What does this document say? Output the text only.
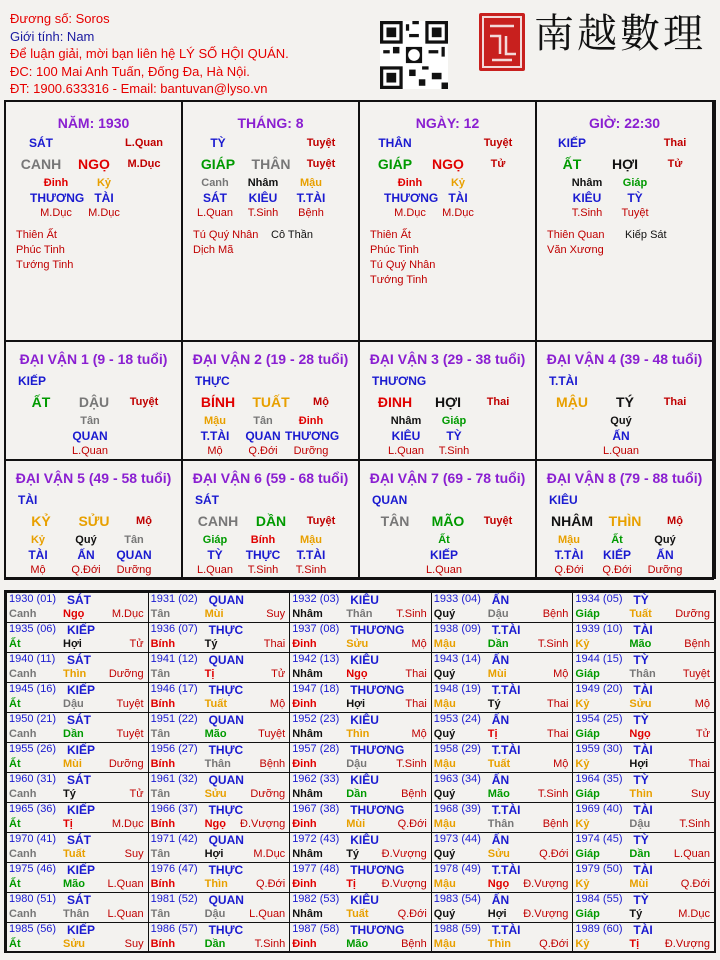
Đương số: Soros
Giới tính: Nam
Để luận giải, mời bạn liên hệ LÝ SỐ HỘI QUÁN.
ĐC: 100 Mai Anh Tuấn, Đống Đa, Hà Nội.
ĐT: 1900.633316 - Email: bantuvan@lyso.vn
南越數理
NĂM: 1930
SÁT	L.Quan
CANH	NGỌ	M.Dục
Đinh
THƯƠNG
M.Dục
Kỷ
TÀI
M.Dục
Thiên Ất
Phúc Tinh
Tướng Tinh
THÁNG: 8
TỲ	Tuyệt
GIÁP	THÂN	Tuyệt
Canh
SÁT
L.Quan
Nhâm
KIÊU
T.Sinh
Mậu
T.TÀI
Bệnh
Tú Quý Nhân
Dịch Mã
Cô Thần
NGÀY: 12
THÂN	Tuyệt
GIÁP	NGỌ	Tử
Đinh
THƯƠNG
M.Dục
Kỷ
TÀI
M.Dục
Thiên Ất
Phúc Tinh
Tú Quý Nhân
Tướng Tinh
GIỜ: 22:30
KIẾP	Thai
ẤT	HỢI	Tử
Nhâm
KIÊU
T.Sinh
Giáp
TỲ
Tuyệt
Thiên Quan
Văn Xương
Kiếp Sát
ĐẠI VẬN 1 (9 - 18 tuổi)
KIẾP
ẤT	DẬU	Tuyệt
Tân
QUAN
L.Quan
ĐẠI VẬN 2 (19 - 28 tuổi)
THỰC
BÍNH	TUẤT	Mộ
Mậu
T.TÀI
Mộ
Tân
QUAN
Q.Đới
Đinh
THƯƠNG
Dưỡng
ĐẠI VẬN 3 (29 - 38 tuổi)
THƯƠNG
ĐINH	HỢI	Thai
Nhâm
KIÊU
L.Quan
Giáp
TỲ
T.Sinh
ĐẠI VẬN 4 (39 - 48 tuổi)
T.TÀI
MẬU	TÝ	Thai
Quý
ẤN
L.Quan
ĐẠI VẬN 5 (49 - 58 tuổi)
TÀI
KỶ	SỬU	Mộ
Kỷ
TÀI
Mộ
Quý
ẤN
Q.Đới
Tân
QUAN
Dưỡng
ĐẠI VẬN 6 (59 - 68 tuổi)
SÁT
CANH	DẦN	Tuyệt
Giáp
TỲ
L.Quan
Bính
THỰC
T.Sinh
Mậu
T.TÀI
T.Sinh
ĐẠI VẬN 7 (69 - 78 tuổi)
QUAN
TÂN	MÃO	Tuyệt
Ất
KIẾP
L.Quan
ĐẠI VẬN 8 (79 - 88 tuổi)
KIÊU
NHÂM	THÌN	Mộ
Mậu
T.TÀI
Q.Đới
Ất
KIẾP
Q.Đới
Quý
ẤN
Dưỡng
1930 (01) SÁT
Canh Ngọ M.Dục
1931 (02) QUAN
Tân	Mùi	Suy
1932 (03) KIÊU
Nhâm Thân T.Sinh
1933 (04) ẤN
Quý	Dậu	Bệnh
1934 (05) TỲ
Giáp	Tuất Dưỡng
1935 (06) KIẾP
Ất	Hợi	Tử
1936 (07) THỰC
Bính	Tý	Thai
1937 (08) THƯƠNG
Đinh	Sửu	Mộ
1938 (09) T.TÀI
Mậu	Dần	T.Sinh
1939 (10) TÀI
Kỷ	Mão	Bệnh
1940 (11) SÁT
Canh Thìn Dưỡng
1941 (12) QUAN
Tân	Tị	Tử
1942 (13) KIÊU
Nhâm Ngọ	Thai
1943 (14) ẤN
Quý	Mùi	Mộ
1944 (15) TỲ
Giáp	Thân Tuyệt
1945 (16) KIẾP
Ất	Dậu	Tuyệt
1946 (17) THỰC
Bính	Tuất	Mộ
1947 (18) THƯƠNG
Đinh	Hợi	Thai
1948 (19) T.TÀI
Mậu	Tý	Thai
1949 (20) TÀI
Kỷ	Sửu	Mộ
1950 (21) SÁT
Canh Dần	Tuyệt
1951 (22) QUAN
Tân	Mão	Tuyệt
1952 (23) KIÊU
Nhâm Thìn	Mộ
1953 (24) ẤN
Quý	Tị	Thai
1954 (25) TỲ
Giáp	Ngọ	Tử
1955 (26) KIẾP
Ất	Mùi Dưỡng
1956 (27) THỰC
Bính	Thân	Bệnh
1957 (28) THƯƠNG
Đinh	Dậu	T.Sinh
1958 (29) T.TÀI
Mậu	Tuất	Mộ
1959 (30) TÀI
Kỷ	Hợi	Thai
1960 (31) SÁT
Canh Tý	Tử
1961 (32) QUAN
Tân	Sửu Dưỡng
1962 (33) KIÊU
Nhâm Dần	Bệnh
1963 (34) ẤN
Quý	Mão	T.Sinh
1964 (35) TỲ
Giáp	Thìn	Suy
1965 (36) KIẾP
Ất	Tị	M.Dục
1966 (37) THỰC
Bính	Ngọ Đ.Vượng
1967 (38) THƯƠNG
Đinh	Mùi	Q.Đới
1968 (39) T.TÀI
Mậu	Thân	Bệnh
1969 (40) TÀI
Kỷ	Dậu	T.Sinh
1970 (41) SÁT
Canh Tuất	Suy
1971 (42) QUAN
Tân	Hợi	M.Dục
1972 (43) KIÊU
Nhâm Tý Đ.Vượng
1973 (44) ẤN
Quý	Sửu	Q.Đới
1974 (45) TỲ
Giáp	Dần L.Quan
1975 (46) KIẾP
Ất	Mão L.Quan
1976 (47) THỰC
Bính	Thìn	Q.Đới
1977 (48) THƯƠNG
Đinh	Tị Đ.Vượng
1978 (49) T.TÀI
Mậu	Ngọ Đ.Vượng
1979 (50) TÀI
Kỷ	Mùi	Q.Đới
1980 (51) SÁT
Canh Thân L.Quan
1981 (52) QUAN
Tân	Dậu L.Quan
1982 (53) KIÊU
Nhâm Tuất	Q.Đới
1983 (54) ẤN
Quý	Hợi Đ.Vượng
1984 (55) TỲ
Giáp	Tý	M.Dục
1985 (56) KIẾP
Ất	Sửu	Suy
1986 (57) THỰC
Bính	Dần	T.Sinh
1987 (58) THƯƠNG
Đinh	Mão	Bệnh
1988 (59) T.TÀI
Mậu	Thìn	Q.Đới
1989 (60) TÀI
Kỷ	Tị Đ.Vượng
